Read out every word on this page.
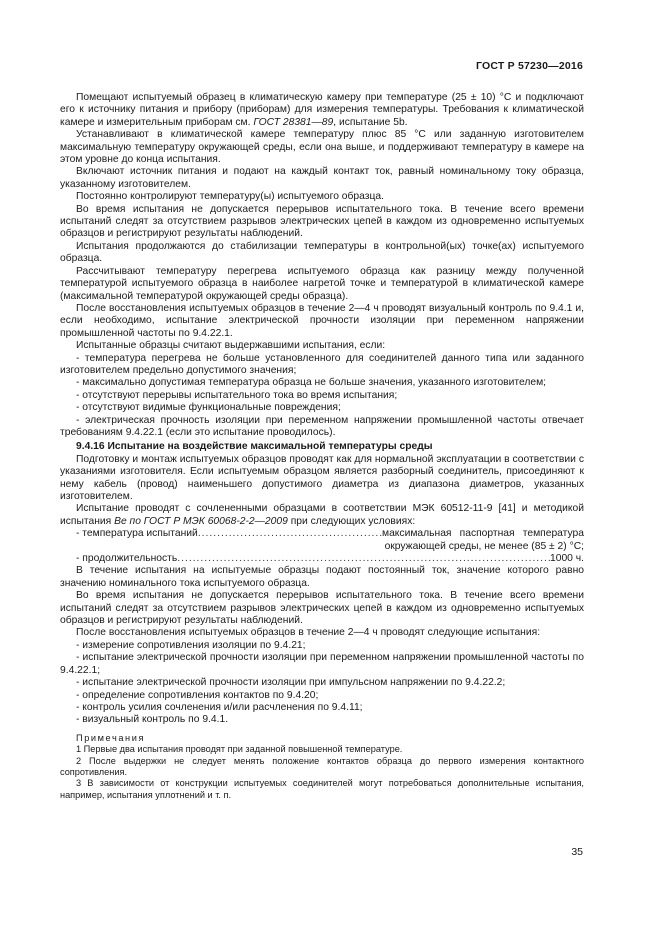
ГОСТ Р 57230—2016

Помещают испытуемый образец в климатическую камеру при температуре (25 ± 10) °С и подключают его к источнику питания и прибору (приборам) для измерения температуры. Требования к климатической камере и измерительным приборам см. ГОСТ 28381—89, испытание 5b.

Устанавливают в климатической камере температуру плюс 85 °С или заданную изготовителем максимальную температуру окружающей среды, если она выше, и поддерживают температуру в камере на этом уровне до конца испытания.

Включают источник питания и подают на каждый контакт ток, равный номинальному току образца, указанному изготовителем.

Постоянно контролируют температуру(ы) испытуемого образца.

Во время испытания не допускается перерывов испытательного тока. В течение всего времени испытаний следят за отсутствием разрывов электрических цепей в каждом из одновременно испытуемых образцов и регистрируют результаты наблюдений.

Испытания продолжаются до стабилизации температуры в контрольной(ых) точке(ах) испытуемого образца.

Рассчитывают температуру перегрева испытуемого образца как разницу между полученной температурой испытуемого образца в наиболее нагретой точке и температурой в климатической камере (максимальной температурой окружающей среды образца).

После восстановления испытуемых образцов в течение 2—4 ч проводят визуальный контроль по 9.4.1 и, если необходимо, испытание электрической прочности изоляции при переменном напряжении промышленной частоты по 9.4.22.1.

Испытанные образцы считают выдержавшими испытания, если:

- температура перегрева не больше установленного для соединителей данного типа или заданного изготовителем предельно допустимого значения;

- максимально допустимая температура образца не больше значения, указанного изготовителем;

- отсутствуют перерывы испытательного тока во время испытания;

- отсутствуют видимые функциональные повреждения;

- электрическая прочность изоляции при переменном напряжении промышленной частоты отвечает требованиям 9.4.22.1 (если это испытание проводилось).

9.4.16 Испытание на воздействие максимальной температуры среды

Подготовку и монтаж испытуемых образцов проводят как для нормальной эксплуатации в соответствии с указаниями изготовителя. Если испытуемым образцом является разборный соединитель, присоединяют к нему кабель (провод) наименьшего допустимого диаметра из диапазона диаметров, указанных изготовителем.

Испытание проводят с сочлененными образцами в соответствии МЭК 60512-11-9 [41] и методикой испытания Be по ГОСТ Р МЭК 60068-2-2—2009 при следующих условиях:

- температура испытаний .....	максимальная паспортная температура окружающей среды, не менее (85 ± 2) °С;
- продолжительность .....	1000 ч.

В течение испытания на испытуемые образцы подают постоянный ток, значение которого равно значению номинального тока испытуемого образца.

Во время испытания не допускается перерывов испытательного тока. В течение всего времени испытаний следят за отсутствием разрывов электрических цепей в каждом из одновременно испытуемых образцов и регистрируют результаты наблюдений.

После восстановления испытуемых образцов в течение 2—4 ч проводят следующие испытания:

- измерение сопротивления изоляции по 9.4.21;

- испытание электрической прочности изоляции при переменном напряжении промышленной частоты по 9.4.22.1;

- испытание электрической прочности изоляции при импульсном напряжении по 9.4.22.2;

- определение сопротивления контактов по 9.4.20;

- контроль усилия сочленения и/или расчленения по 9.4.11;

- визуальный контроль по 9.4.1.

Примечания

1 Первые два испытания проводят при заданной повышенной температуре.

2 После выдержки не следует менять положение контактов образца до первого измерения контактного сопротивления.

3 В зависимости от конструкции испытуемых соединителей могут потребоваться дополнительные испытания, например, испытания уплотнений и т. п.

35
